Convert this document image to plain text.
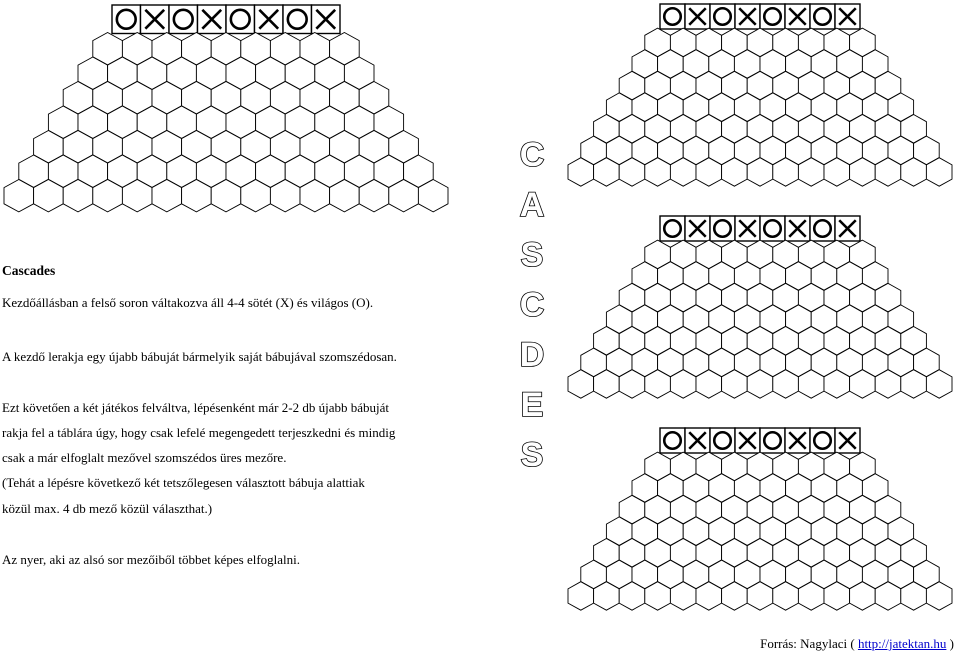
C
A
S
C
D
E
S
Cascades
Kezdőállásban a felső soron váltakozva áll 4-4 sötét (X) és világos (O).
A kezdő lerakja egy újabb bábuját bármelyik saját bábujával szomszédosan.
Ezt követően a két játékos felváltva, lépésenként már 2-2 db újabb bábuját
rakja fel a táblára úgy, hogy csak lefelé megengedett terjeszkedni és mindig
csak a már elfoglalt mezővel szomszédos üres mezőre.
(Tehát a lépésre következő két tetszőlegesen választott bábuja alattiak
közül max. 4 db mező közül választhat.)
Az nyer, aki az alsó sor mezőiből többet képes elfoglalni.
Forrás: Nagylaci ( http://jatektan.hu )
